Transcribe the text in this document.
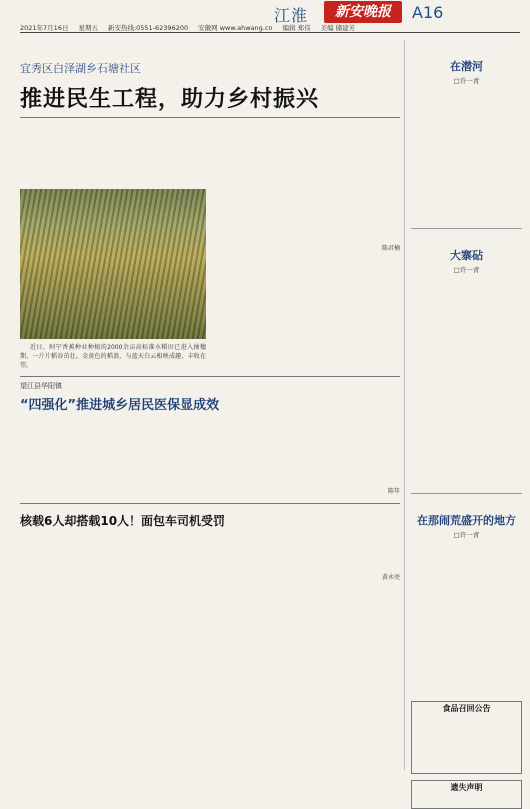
江淮	新安晚报	A16
2021年7月16日 星期五 新安热线:0551-62396200 安徽网 www.ahwang.cn 编辑 郑伟 美编 储建芳
宜秀区白泽湖乡石塘社区
推进民生工程，助力乡村振兴

近日，阿宁香蕉种业种植的2000余亩高标准水稻田已进入抽穗期，一片片稻谷茁壮，金黄色的稻浪，与蓝天白云相映成趣，丰收在望。

陈君楠
望江县华阳镇
“四强化”推进城乡居民医保显成效

陈年
核载6人却搭载10人！面包车司机受罚

黄永亮
在潜河
□许一青
大寨砧
□许一青
在那闹荒盛开的地方
□许一青
食品召回公告
遗失声明
